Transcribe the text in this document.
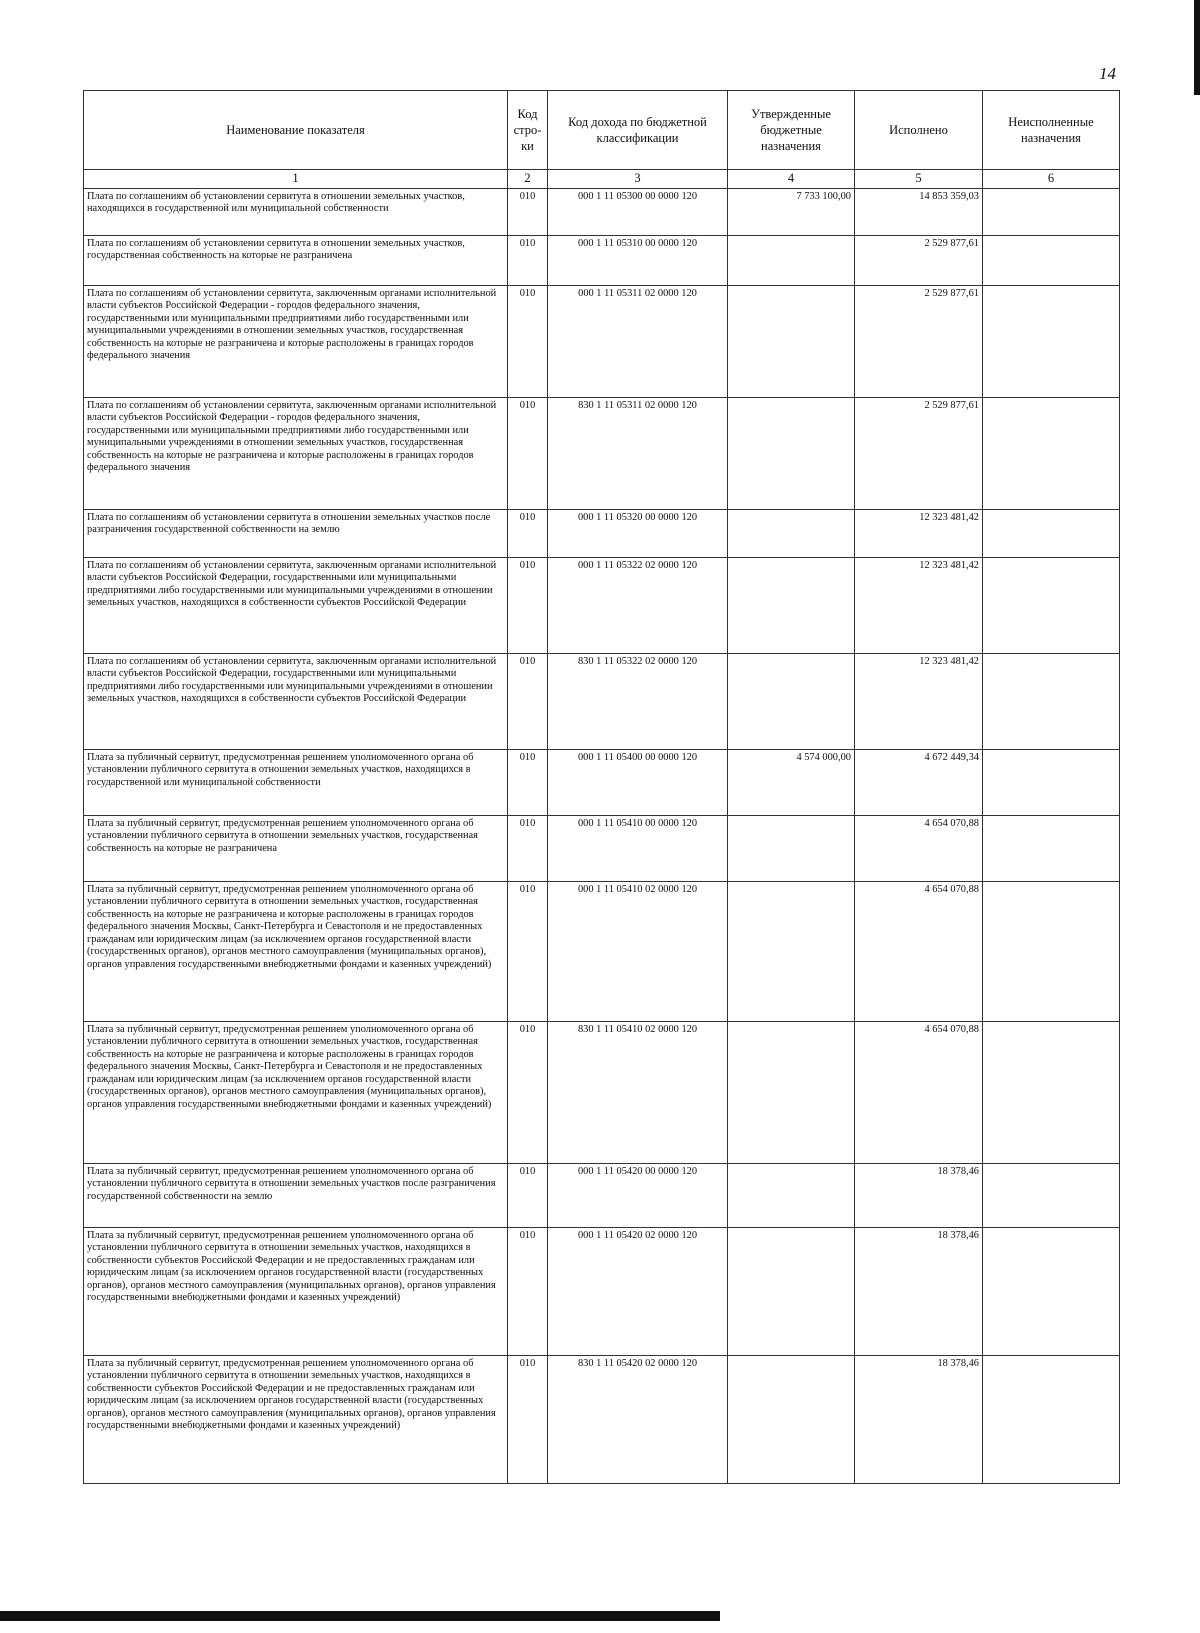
14
Наименование показателя	Код стро-ки	Код дохода по бюджетной классификации	Утвержденные бюджетные назначения	Исполнено	Неисполненные назначения
1	2	3	4	5	6
Плата по соглашениям об установлении сервитута в отношении земельных участков, находящихся в государственной или муниципальной собственности	010	000 1 11 05300 00 0000 120	7 733 100,00	14 853 359,03	
Плата по соглашениям об установлении сервитута в отношении земельных участков, государственная собственность на которые не разграничена	010	000 1 11 05310 00 0000 120		2 529 877,61	
Плата по соглашениям об установлении сервитута, заключенным органами исполнительной власти субъектов Российской Федерации - городов федерального значения, государственными или муниципальными предприятиями либо государственными или муниципальными учреждениями в отношении земельных участков, государственная собственность на которые не разграничена и которые расположены в границах городов федерального значения	010	000 1 11 05311 02 0000 120		2 529 877,61	
Плата по соглашениям об установлении сервитута, заключенным органами исполнительной власти субъектов Российской Федерации - городов федерального значения, государственными или муниципальными предприятиями либо государственными или муниципальными учреждениями в отношении земельных участков, государственная собственность на которые не разграничена и которые расположены в границах городов федерального значения	010	830 1 11 05311 02 0000 120		2 529 877,61	
Плата по соглашениям об установлении сервитута в отношении земельных участков после разграничения государственной собственности на землю	010	000 1 11 05320 00 0000 120		12 323 481,42	
Плата по соглашениям об установлении сервитута, заключенным органами исполнительной власти субъектов Российской Федерации, государственными или муниципальными предприятиями либо государственными или муниципальными учреждениями в отношении земельных участков, находящихся в собственности субъектов Российской Федерации	010	000 1 11 05322 02 0000 120		12 323 481,42	
Плата по соглашениям об установлении сервитута, заключенным органами исполнительной власти субъектов Российской Федерации, государственными или муниципальными предприятиями либо государственными или муниципальными учреждениями в отношении земельных участков, находящихся в собственности субъектов Российской Федерации	010	830 1 11 05322 02 0000 120		12 323 481,42	
Плата за публичный сервитут, предусмотренная решением уполномоченного органа об установлении публичного сервитута в отношении земельных участков, находящихся в государственной или муниципальной собственности	010	000 1 11 05400 00 0000 120	4 574 000,00	4 672 449,34	
Плата за публичный сервитут, предусмотренная решением уполномоченного органа об установлении публичного сервитута в отношении земельных участков, государственная собственность на которые не разграничена	010	000 1 11 05410 00 0000 120		4 654 070,88	
Плата за публичный сервитут, предусмотренная решением уполномоченного органа об установлении публичного сервитута в отношении земельных участков, государственная собственность на которые не разграничена и которые расположены в границах городов федерального значения Москвы, Санкт-Петербурга и Севастополя и не предоставленных гражданам или юридическим лицам (за исключением органов государственной власти (государственных органов), органов местного самоуправления (муниципальных органов), органов управления государственными внебюджетными фондами и казенных учреждений)	010	000 1 11 05410 02 0000 120		4 654 070,88	
Плата за публичный сервитут, предусмотренная решением уполномоченного органа об установлении публичного сервитута в отношении земельных участков, государственная собственность на которые не разграничена и которые расположены в границах городов федерального значения Москвы, Санкт-Петербурга и Севастополя и не предоставленных гражданам или юридическим лицам (за исключением органов государственной власти (государственных органов), органов местного самоуправления (муниципальных органов), органов управления государственными внебюджетными фондами и казенных учреждений)	010	830 1 11 05410 02 0000 120		4 654 070,88	
Плата за публичный сервитут, предусмотренная решением уполномоченного органа об установлении публичного сервитута в отношении земельных участков после разграничения государственной собственности на землю	010	000 1 11 05420 00 0000 120		18 378,46	
Плата за публичный сервитут, предусмотренная решением уполномоченного органа об установлении публичного сервитута в отношении земельных участков, находящихся в собственности субъектов Российской Федерации и не предоставленных гражданам или юридическим лицам (за исключением органов государственной власти (государственных органов), органов местного самоуправления (муниципальных органов), органов управления государственными внебюджетными фондами и казенных учреждений)	010	000 1 11 05420 02 0000 120		18 378,46	
Плата за публичный сервитут, предусмотренная решением уполномоченного органа об установлении публичного сервитута в отношении земельных участков, находящихся в собственности субъектов Российской Федерации и не предоставленных гражданам или юридическим лицам (за исключением органов государственной власти (государственных органов), органов местного самоуправления (муниципальных органов), органов управления государственными внебюджетными фондами и казенных учреждений)	010	830 1 11 05420 02 0000 120		18 378,46	
